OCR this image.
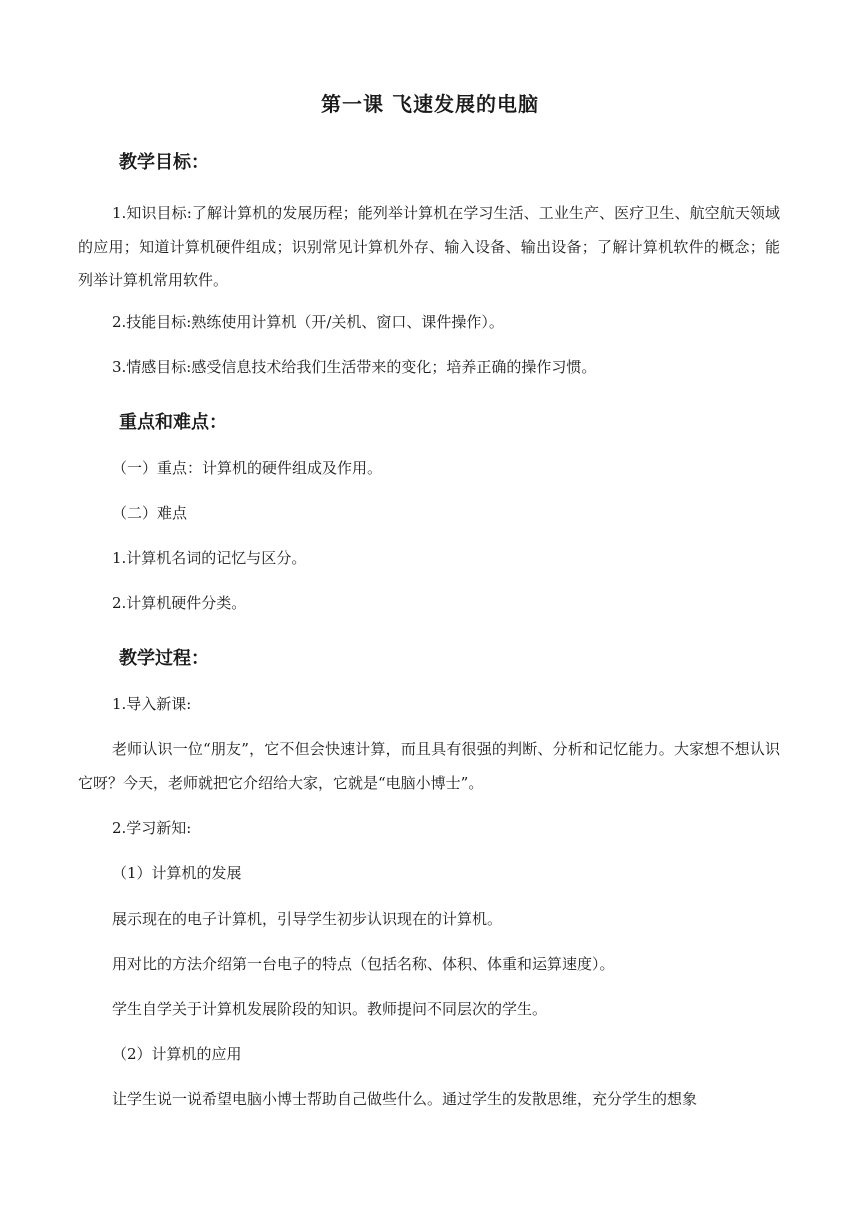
第一课 飞速发展的电脑
教学目标：
1.知识目标:了解计算机的发展历程；能列举计算机在学习生活、工业生产、医疗卫生、航空航天领域的应用；知道计算机硬件组成；识别常见计算机外存、输入设备、输出设备；了解计算机软件的概念；能列举计算机常用软件。
2.技能目标:熟练使用计算机（开/关机、窗口、课件操作）。
3.情感目标:感受信息技术给我们生活带来的变化；培养正确的操作习惯。
重点和难点：
（一）重点：计算机的硬件组成及作用。
（二）难点
1.计算机名词的记忆与区分。
2.计算机硬件分类。
教学过程：
1.导入新课:
老师认识一位“朋友”，它不但会快速计算，而且具有很强的判断、分析和记忆能力。大家想不想认识它呀？今天，老师就把它介绍给大家，它就是“电脑小博士”。
2.学习新知:
（1）计算机的发展
展示现在的电子计算机，引导学生初步认识现在的计算机。
用对比的方法介绍第一台电子的特点（包括名称、体积、体重和运算速度）。
学生自学关于计算机发展阶段的知识。教师提问不同层次的学生。
（2）计算机的应用
让学生说一说希望电脑小博士帮助自己做些什么。通过学生的发散思维，充分学生的想象
